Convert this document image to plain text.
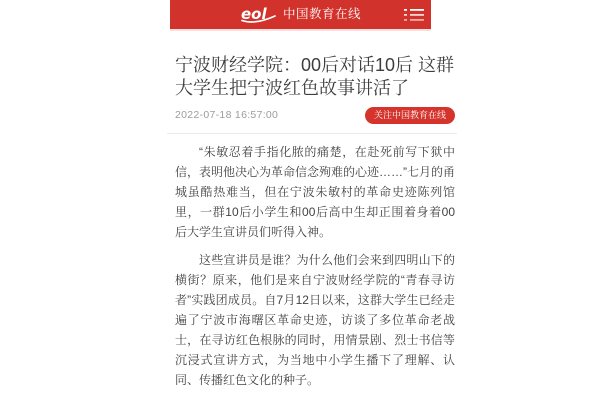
eol 中国教育在线
宁波财经学院：00后对话10后 这群大学生把宁波红色故事讲活了
2022-07-18 16:57:00	关注中国教育在线

“朱敏忍着手指化脓的痛楚，在赴死前写下狱中信，表明他决心为革命信念殉难的心迹……”七月的甬城虽酷热难当，但在宁波朱敏村的革命史迹陈列馆里，一群10后小学生和00后高中生却正围着身着00后大学生宣讲员们听得入神。

这些宣讲员是谁？为什么他们会来到四明山下的横街？原来，他们是来自宁波财经学院的“青春寻访者”实践团成员。自7月12日以来，这群大学生已经走遍了宁波市海曙区革命史迹，访谈了多位革命老战士，在寻访红色根脉的同时，用情景剧、烈士书信等沉浸式宣讲方式，为当地中小学生播下了理解、认同、传播红色文化的种子。
